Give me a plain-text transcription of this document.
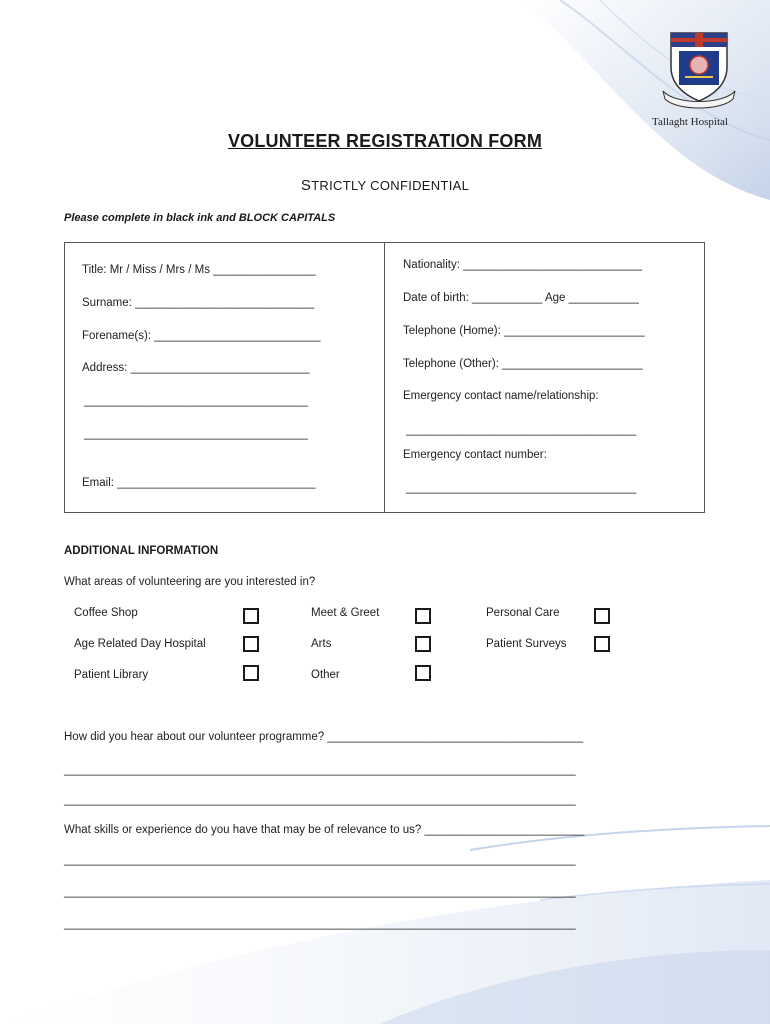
Tallaght Hospital
VOLUNTEER REGISTRATION FORM
STRICTLY CONFIDENTIAL
Please complete in black ink and BLOCK CAPITALS
Title: Mr / Miss / Mrs / Ms ________________
Surname: ____________________________
Forename(s): __________________________
Address: ____________________________
___________________________________
___________________________________
Email: _______________________________
Nationality: ____________________________
Date of birth: ___________ Age ___________
Telephone (Home): ______________________
Telephone (Other): ______________________
Emergency contact name/relationship:
____________________________________
Emergency contact number:
____________________________________
ADDITIONAL INFORMATION
What areas of volunteering are you interested in?
Coffee Shop	Meet & Greet	Personal Care
Age Related Day Hospital	Arts	Patient Surveys
Patient Library	Other
How did you hear about our volunteer programme? ________________________________________
________________________________________________________________________________
________________________________________________________________________________
What skills or experience do you have that may be of relevance to us? _________________________
________________________________________________________________________________
________________________________________________________________________________
________________________________________________________________________________
